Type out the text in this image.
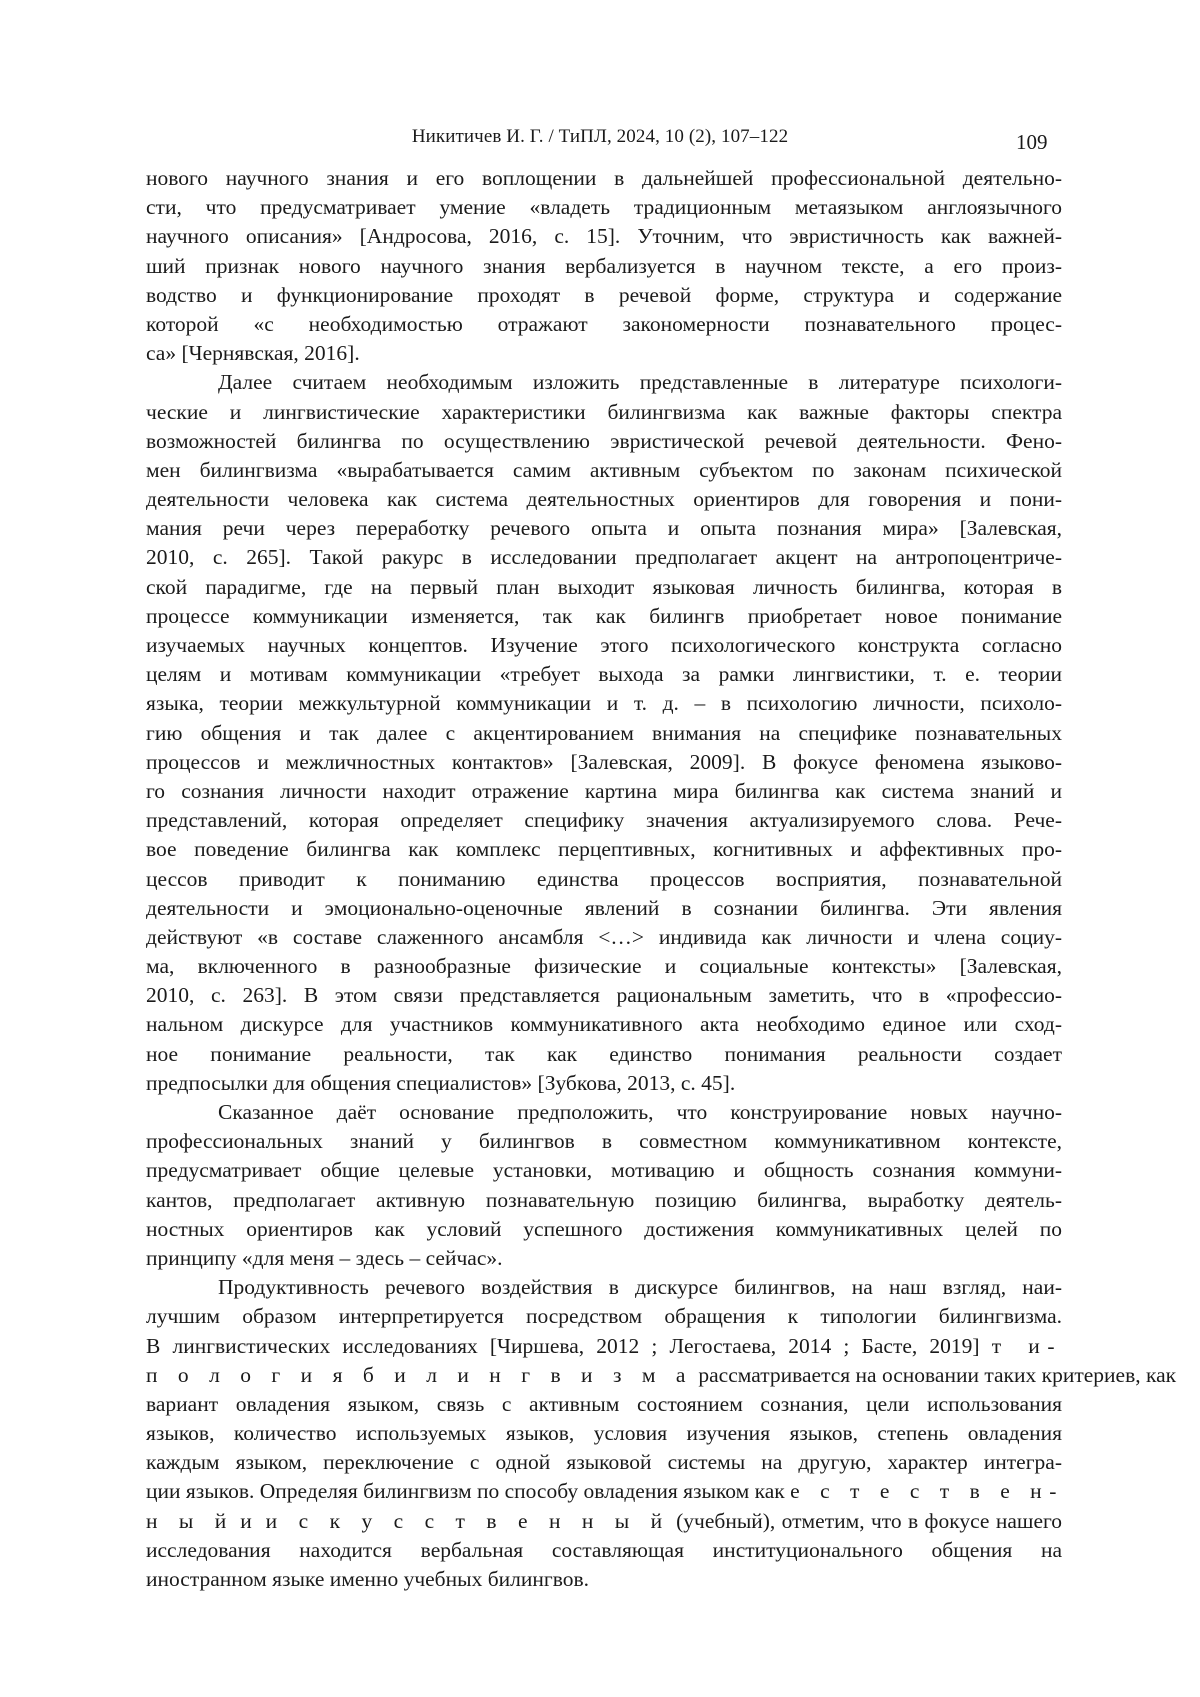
Никитичев И. Г. / ТиПЛ, 2024, 10 (2), 107–122	109
нового научного знания и его воплощении в дальнейшей профессиональной деятельно-
сти, что предусматривает умение «владеть традиционным метаязыком англоязычного
научного описания» [Андросова, 2016, с. 15]. Уточним, что эвристичность как важней-
ший признак нового научного знания вербализуется в научном тексте, а его произ-
водство и функционирование проходят в речевой форме, структура и содержание
которой «с необходимостью отражают закономерности познавательного процес-
са» [Чернявская, 2016].
Далее считаем необходимым изложить представленные в литературе психологи-
ческие и лингвистические характеристики билингвизма как важные факторы спектра
возможностей билингва по осуществлению эвристической речевой деятельности. Фено-
мен билингвизма «вырабатывается самим активным субъектом по законам психической
деятельности человека как система деятельностных ориентиров для говорения и пони-
мания речи через переработку речевого опыта и опыта познания мира» [Залевская,
2010, с. 265]. Такой ракурс в исследовании предполагает акцент на антропоцентриче-
ской парадигме, где на первый план выходит языковая личность билингва, которая в
процессе коммуникации изменяется, так как билингв приобретает новое понимание
изучаемых научных концептов. Изучение этого психологического конструкта согласно
целям и мотивам коммуникации «требует выхода за рамки лингвистики, т. е. теории
языка, теории межкультурной коммуникации и т. д. – в психологию личности, психоло-
гию общения и так далее с акцентированием внимания на специфике познавательных
процессов и межличностных контактов» [Залевская, 2009]. В фокусе феномена языково-
го сознания личности находит отражение картина мира билингва как система знаний и
представлений, которая определяет специфику значения актуализируемого слова. Рече-
вое поведение билингва как комплекс перцептивных, когнитивных и аффективных про-
цессов приводит к пониманию единства процессов восприятия, познавательной
деятельности и эмоционально-оценочные явлений в сознании билингва. Эти явления
действуют «в составе слаженного ансамбля <…> индивида как личности и члена социу-
ма, включенного в разнообразные физические и социальные контексты» [Залевская,
2010, с. 263]. В этом связи представляется рациональным заметить, что в «профессио-
нальном дискурсе для участников коммуникативного акта необходимо единое или сход-
ное понимание реальности, так как единство понимания реальности создает
предпосылки для общения специалистов» [Зубкова, 2013, с. 45].
Сказанное даёт основание предположить, что конструирование новых научно-
профессиональных знаний у билингвов в совместном коммуникативном контексте,
предусматривает общие целевые установки, мотивацию и общность сознания коммуни-
кантов, предполагает активную познавательную позицию билингва, выработку деятель-
ностных ориентиров как условий успешного достижения коммуникативных целей по
принципу «для меня – здесь – сейчас».
Продуктивность речевого воздействия в дискурсе билингвов, на наш взгляд, наи-
лучшим образом интерпретируется посредством обращения к типологии билингвизма.
В лингвистических исследованиях [Чиршева, 2012 ; Легостаева, 2014 ; Басте, 2019] т и-
п о л о г и я б и л и н г в и з м а рассматривается на основании таких критериев, как
вариант овладения языком, связь с активным состоянием сознания, цели использования
языков, количество используемых языков, условия изучения языков, степень овладения
каждым языком, переключение с одной языковой системы на другую, характер интегра-
ции языков. Определяя билингвизм по способу овладения языком как е с т е с т в е н-
н ы й и и с к у с с т в е н н ы й (учебный), отметим, что в фокусе нашего
исследования находится вербальная составляющая институционального общения на
иностранном языке именно учебных билингвов.
